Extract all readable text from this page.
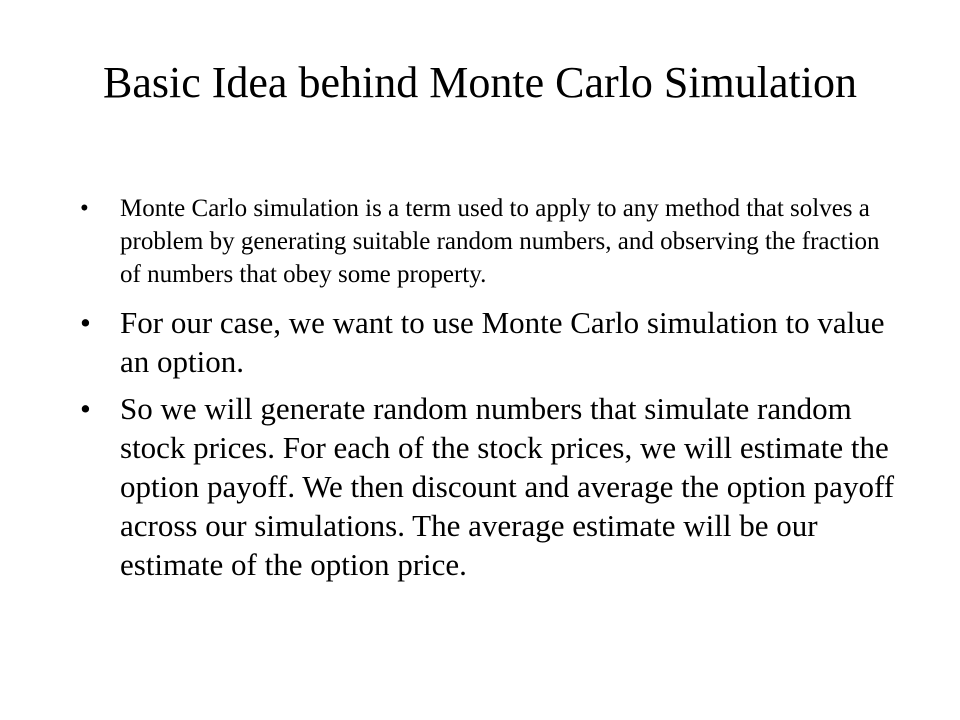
Basic Idea behind Monte Carlo Simulation
• Monte Carlo simulation is a term used to apply to any method that solves a problem by generating suitable random numbers, and observing the fraction of numbers that obey some property.
• For our case, we want to use Monte Carlo simulation to value an option.
• So we will generate random numbers that simulate random stock prices. For each of the stock prices, we will estimate the option payoff. We then discount and average the option payoff across our simulations. The average estimate will be our estimate of the option price.
